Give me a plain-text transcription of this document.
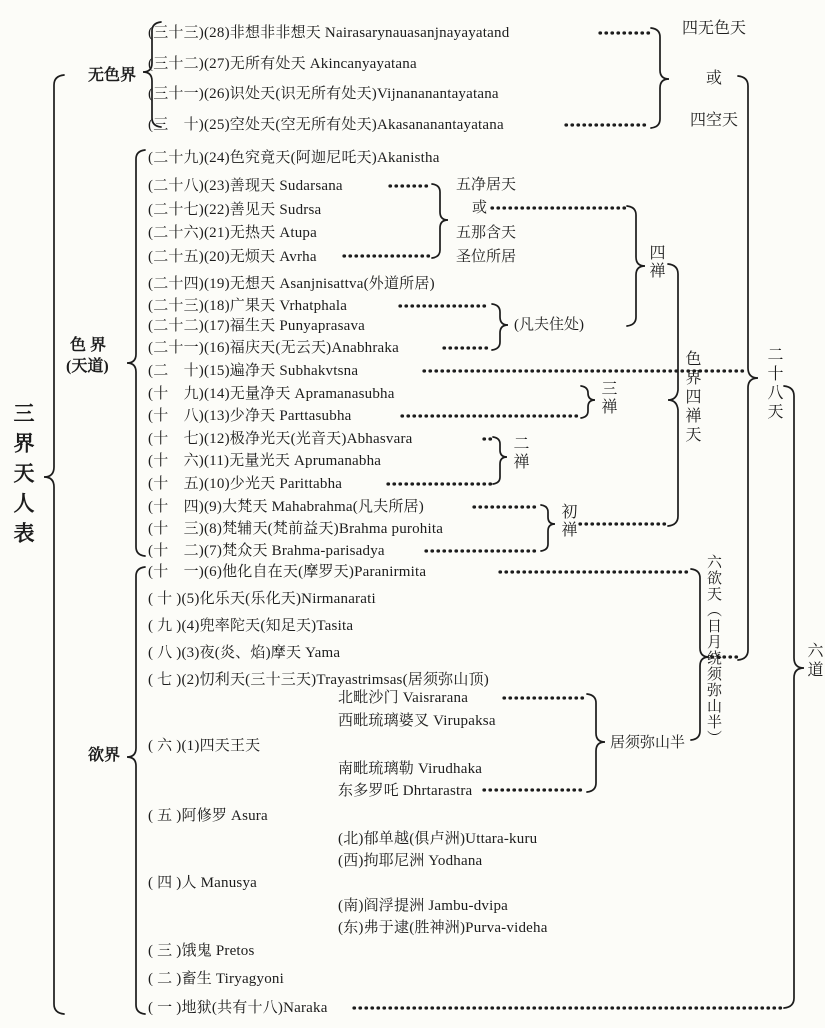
三界天人表
无色界
色 界
(天道)
欲界
(三十三)(28)非想非非想天 Nairasarynauasanjnayayatand
(三十二)(27)无所有处天 Akincanyayatana
(三十一)(26)识处天(识无所有处天)Vijnananantayatana
(三　十)(25)空处天(空无所有处天)Akasananantayatana
(二十九)(24)色究竟天(阿迦尼吒天)Akanistha
(二十八)(23)善现天 Sudarsana
(二十七)(22)善见天 Sudrsa
(二十六)(21)无热天 Atupa
(二十五)(20)无烦天 Avrha
(二十四)(19)无想天 Asanjnisattva(外道所居)
(二十三)(18)广果天 Vrhatphala
(二十二)(17)福生天 Punyaprasava
(二十一)(16)福庆天(无云天)Anabhraka
(二　十)(15)遍净天 Subhakvtsna
(十　九)(14)无量净天 Apramanasubha
(十　八)(13)少净天 Parttasubha
(十　七)(12)极净光天(光音天)Abhasvara
(十　六)(11)无量光天 Aprumanabha
(十　五)(10)少光天 Parittabha
(十　四)(9)大梵天 Mahabrahma(凡夫所居)
(十　三)(8)梵辅天(梵前益天)Brahma purohita
(十　二)(7)梵众天 Brahma-parisadya
(十　一)(6)他化自在天(摩罗天)Paranirmita
( 十 )(5)化乐天(乐化天)Nirmanarati
( 九 )(4)兜率陀天(知足天)Tasita
( 八 )(3)夜(炎、焰)摩天 Yama
( 七 )(2)忉利天(三十三天)Trayastrimsas(居须弥山顶)
( 六 )(1)四天王天
( 五 )阿修罗 Asura
( 四 )人 Manusya
( 三 )饿鬼 Pretos
( 二 )畜生 Tiryagyoni
( 一 )地狱(共有十八)Naraka
北毗沙门 Vaisrarana
西毗琉璃婆叉 Virupaksa
南毗琉璃勒 Virudhaka
东多罗吒 Dhrtarastra
(北)郁单越(俱卢洲)Uttara-kuru
(西)拘耶尼洲 Yodhana
(南)阎浮提洲 Jambu-dvipa
(东)弗于逮(胜神洲)Purva-videha
五净居天
或
五那含天
圣位所居
(凡夫住处)
四禅
三禅
二禅
初禅
色界四禅天	二十八天
六欲天（日月绕须弥山半）	六道
四无色天
或
四空天
居须弥山半
